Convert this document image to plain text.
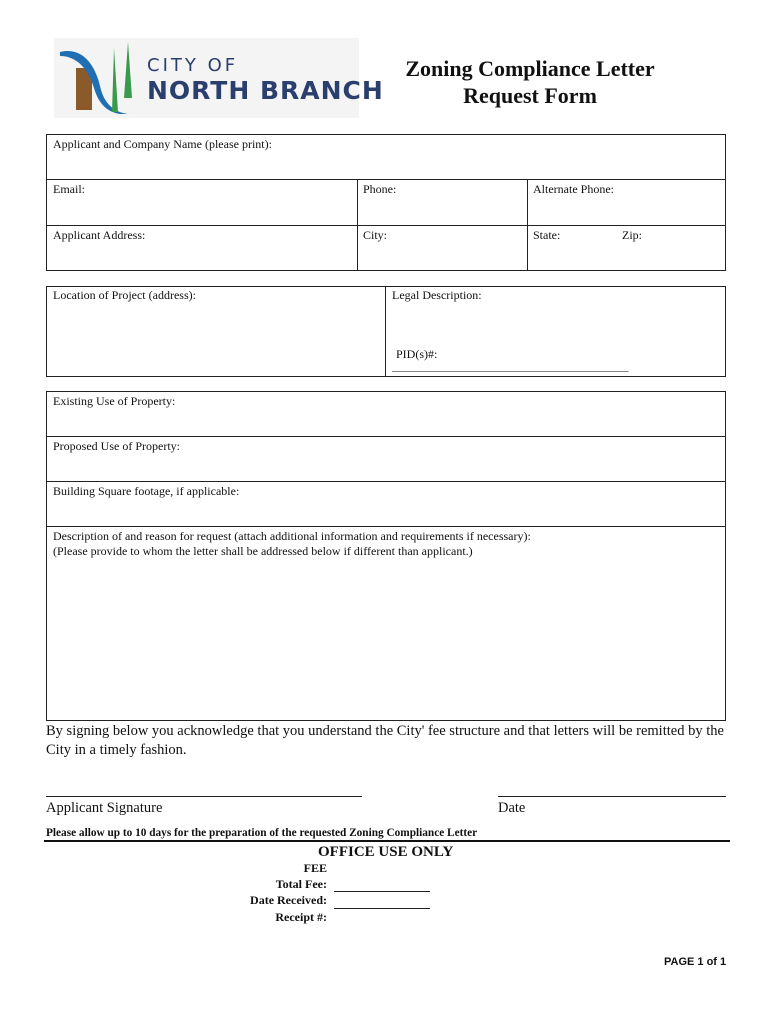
CITY OF
NORTH BRANCH
Zoning Compliance Letter
Request Form
Applicant and Company Name (please print):
Email:	Phone:	Alternate Phone:
Applicant Address:	City:	State:	Zip:
Location of Project (address):	Legal Description:
PID(s)#:
___________________________________________
Existing Use of Property:
Proposed Use of Property:
Building Square footage, if applicable:
Description of and reason for request (attach additional information and requirements if necessary):
(Please provide to whom the letter shall be addressed below if different than applicant.)
By signing below you acknowledge that you understand the City' fee structure and that letters will be remitted by the City in a timely fashion.
Applicant Signature	Date
Please allow up to 10 days for the preparation of the requested Zoning Compliance Letter
OFFICE USE ONLY
FEE
Total Fee:
Date Received:
Receipt #:
PAGE 1 of 1
